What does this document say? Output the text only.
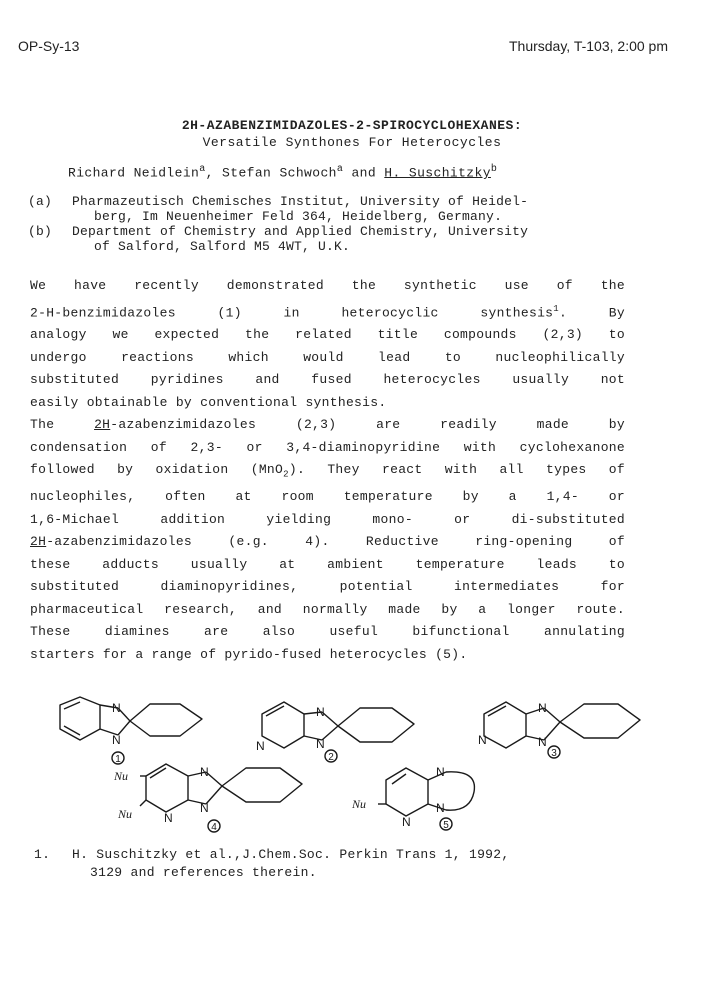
OP-Sy-13	Thursday, T-103, 2:00 pm
2H-AZABENZIMIDAZOLES-2-SPIROCYCLOHEXANES:
Versatile Synthones For Heterocycles
Richard Neidlein$^a$, Stefan Schwoch$^a$ and H. Suschitzky$^b$
(a) Pharmazeutisch Chemisches Institut, University of Heidel-
berg, Im Neuenheimer Feld 364, Heidelberg, Germany.
(b) Department of Chemistry and Applied Chemistry, University
of Salford, Salford M5 4WT, U.K.

We have recently demonstrated the synthetic use of the

2-H-benzimidazoles (1) in heterocyclic synthesis$^1$. By

analogy we expected the related title compounds (2,3) to

undergo reactions which would lead to nucleophilically

substituted pyridines and fused heterocycles usually not

easily obtainable by conventional synthesis.

The 2H-azabenzimidazoles (2,3) are readily made by

condensation of 2,3- or 3,4-diaminopyridine with cyclohexanone

followed by oxidation (MnO$_2$). They react with all types of

nucleophiles, often at room temperature by a 1,4- or

1,6-Michael addition yielding mono- or di-substituted

2H-azabenzimidazoles (e.g. 4). Reductive ring-opening of

these adducts usually at ambient temperature leads to

substituted diaminopyridines, potential intermediates for

pharmaceutical research, and normally made by a longer route.

These diamines are also useful bifunctional annulating

starters for a range of pyrido-fused heterocycles (5).

N
N
N
N
N
N
N
N
N
N
N
N
N
N
Nu
Nu
Nu
1	2	3
4	5
1. H. Suschitzky et al.,J.Chem.Soc. Perkin Trans 1, 1992,
3129 and references therein.
